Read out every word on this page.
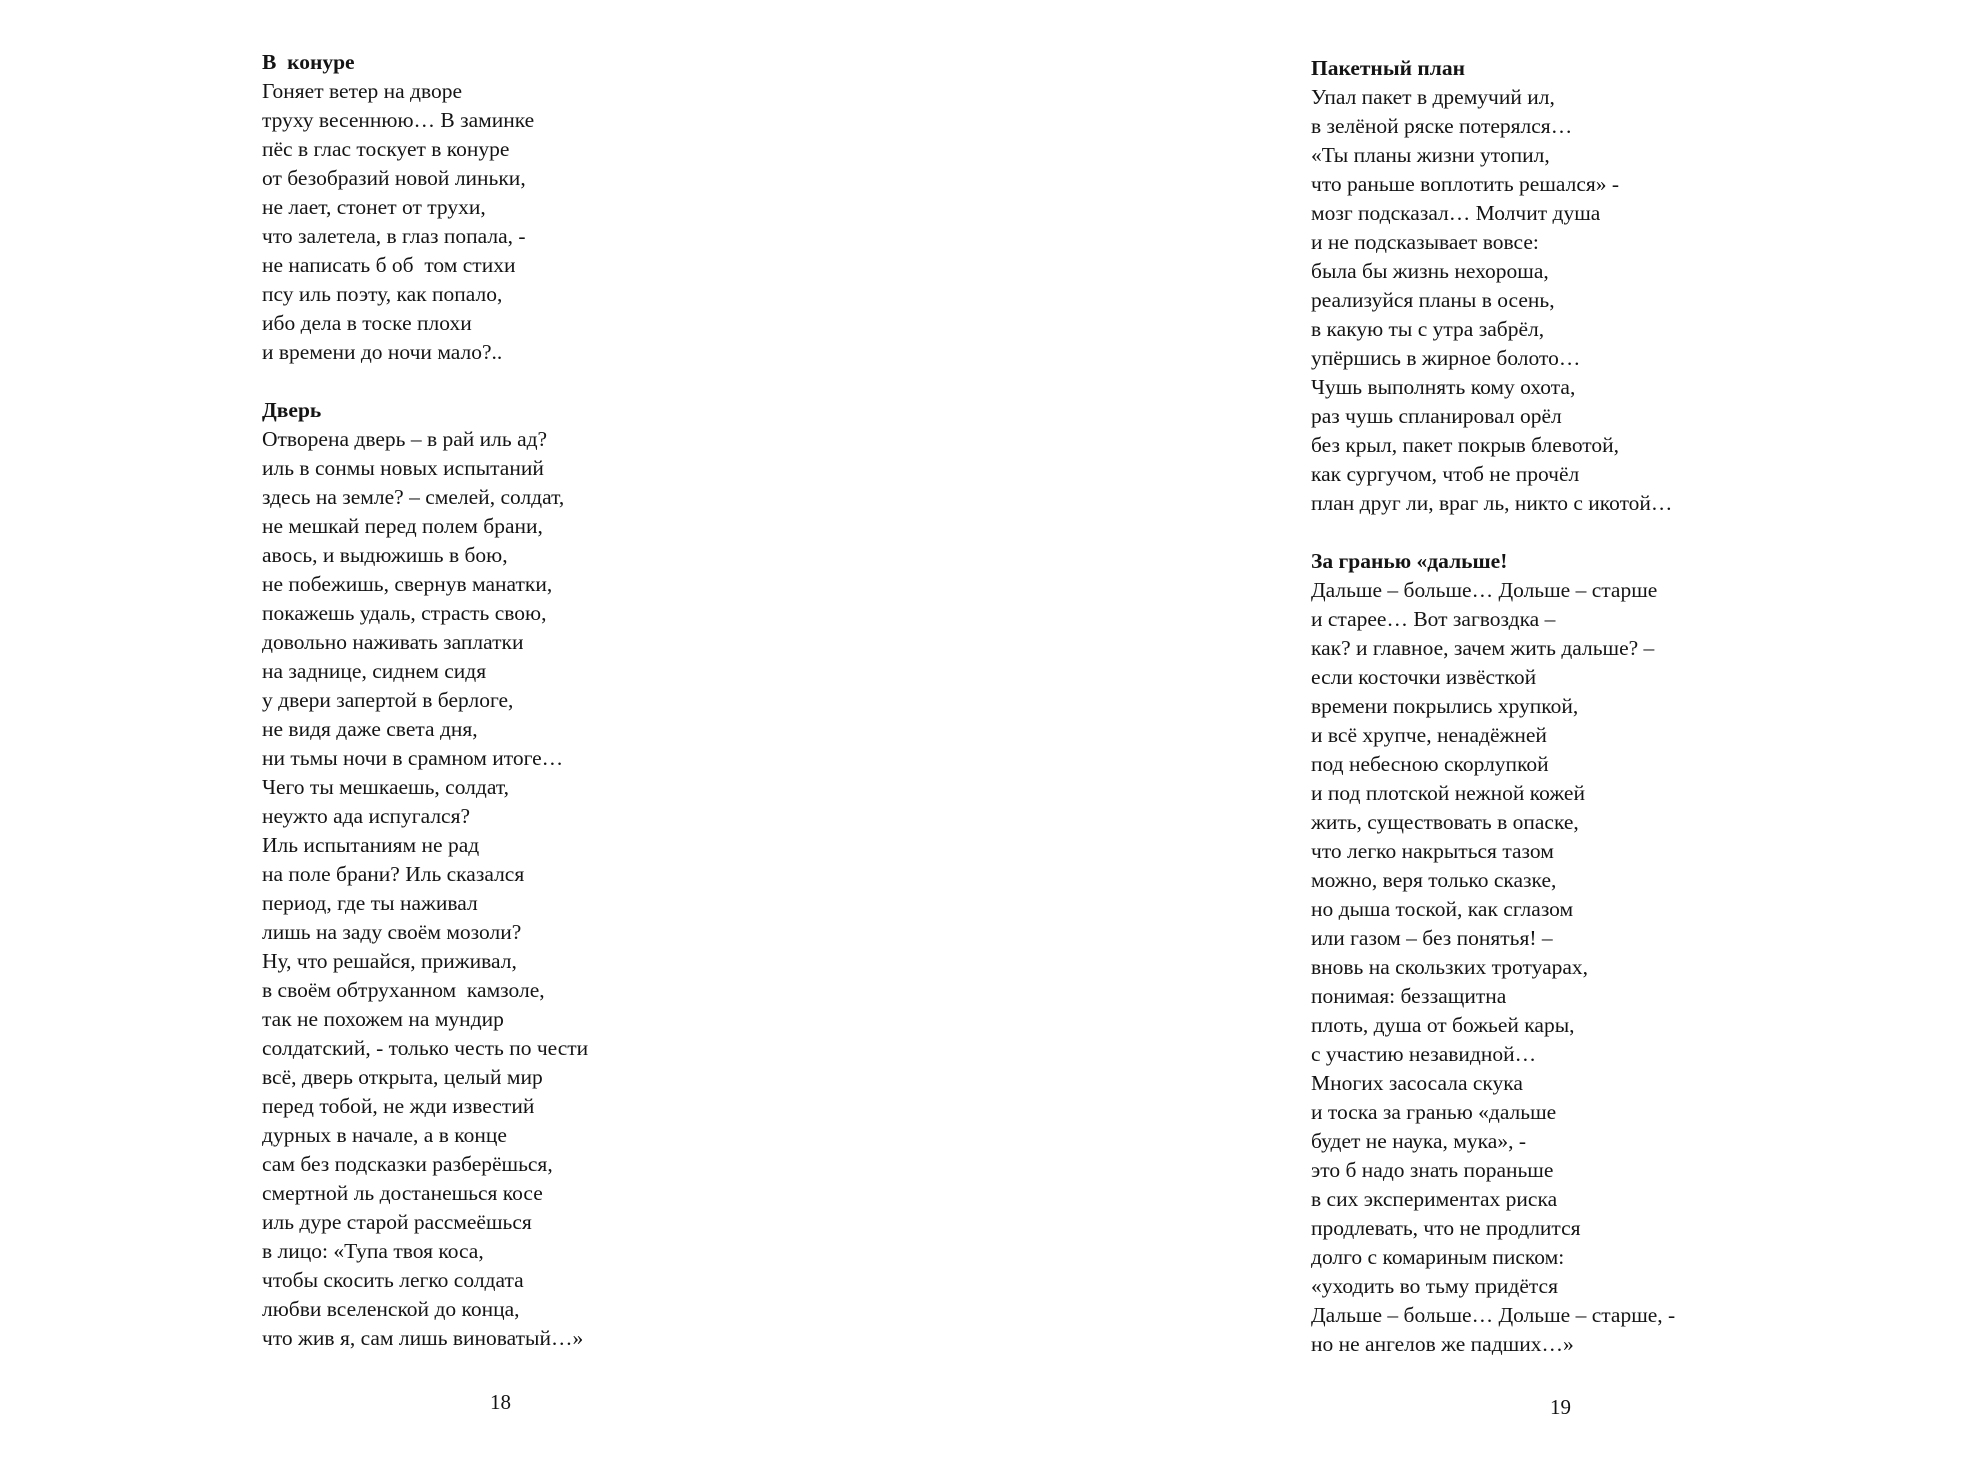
В  конуре

Гоняет ветер на дворе

труху весеннюю… В заминке

пёс в глас тоскует в конуре

от безобразий новой линьки,

не лает, стонет от трухи,

что залетела, в глаз попала, -

не написать б об  том стихи

псу иль поэту, как попало,

ибо дела в тоске плохи

и времени до ночи мало?..

Дверь

Отворена дверь – в рай иль ад?

иль в сонмы новых испытаний

здесь на земле? – смелей, солдат,

не мешкай перед полем брани,

авось, и выдюжишь в бою,

не побежишь, свернув манатки,

покажешь удаль, страсть свою,

довольно наживать заплатки

на заднице, сиднем сидя

у двери запертой в берлоге,

не видя даже света дня,

ни тьмы ночи в срамном итоге…

Чего ты мешкаешь, солдат,

неужто ада испугался?

Иль испытаниям не рад

на поле брани? Иль сказался

период, где ты наживал

лишь на заду своём мозоли?

Ну, что решайся, приживал,

в своём обтрухaнном  камзоле,

так не похожем на мундир

солдатский, - только честь по чести

всё, дверь открыта, целый мир

перед тобой, не жди известий

дурных в начале, а в конце

сам без подсказки разберёшься,

смертной ль достанешься косе

иль дуре старой рассмеёшься

в лицо: «Тупа твоя коса,

чтобы скосить легко солдата

любви вселенской до конца,

что жив я, сам лишь виноватый…»

18

Пакетный план

Упал пакет в дремучий ил,

в зелёной ряске потерялся…

«Ты планы жизни утопил,

что раньше воплотить решался» -

мозг подсказал… Молчит душа

и не подсказывает вовсе:

была бы жизнь нехороша,

реализуйся планы в осень,

в какую ты с утра забрёл,

упёршись в жирное болото…

Чушь выполнять кому охота,

раз чушь спланировал орёл

без крыл, пакет покрыв блевотой,

как сургучом, чтоб не прочёл

план друг ли, враг ль, никто с икотой…

За гранью «дальше!

Дальше – больше… Дольше – старше

и старее… Вот загвоздка –

как? и главное, зачем жить дальше? –

если косточки извёсткой

времени покрылись хрупкой,

и всё хрупче, ненадёжней

под небесною скорлупкой

и под плотской нежной кожей

жить, существовать в опаске,

что легко накрыться тазом

можно, веря только сказке,

но дыша тоской, как сглазом

или газом – без понятья! –

вновь на скользких тротуарах,

понимая: беззащитна

плоть, душа от божьей кары,

с участию незавидной…

Многих засосала скука

и тоска за гранью «дальше

будет не наука, мука», -

это б надо знать пораньше

в сих экспериментах риска

продлевать, что не продлится

долго с комариным писком:

«уходить во тьму придётся

Дальше – больше… Дольше – старше, -

но не ангелов же падших…»

19
